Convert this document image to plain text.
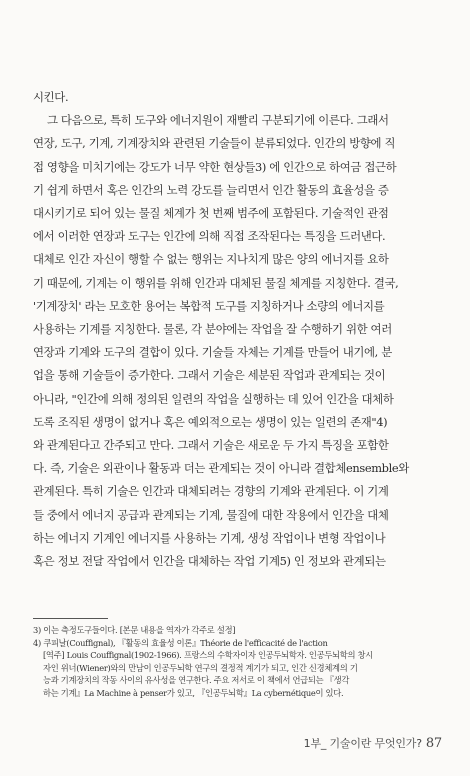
시킨다.

그 다음으로, 특히 도구와 에너지원이 재빨리 구분되기에 이른다. 그래서

연장, 도구, 기계, 기계장치와 관련된 기술들이 분류되었다. 인간의 방향에 직

접 영향을 미치기에는 강도가 너무 약한 현상들3) 에 인간으로 하여금 접근하

기 쉽게 하면서 혹은 인간의 노력 강도를 늘리면서 인간 활동의 효율성을 증

대시키기로 되어 있는 물질 체계가 첫 번째 범주에 포함된다. 기술적인 관점

에서 이러한 연장과 도구는 인간에 의해 직접 조작된다는 특징을 드러낸다.

대체로 인간 자신이 행할 수 없는 행위는 지나치게 많은 양의 에너지를 요하

기 때문에, 기계는 이 행위를 위해 인간과 대체된 물질 체계를 지칭한다. 결국,

'기계장치' 라는 모호한 용어는 복합적 도구를 지칭하거나 소량의 에너지를

사용하는 기계를 지칭한다. 물론, 각 분야에는 작업을 잘 수행하기 위한 여러

연장과 기계와 도구의 결합이 있다. 기술들 자체는 기계를 만들어 내기에, 분

업을 통해 기술들이 증가한다. 그래서 기술은 세분된 작업과 관계되는 것이

아니라, "인간에 의해 정의된 일련의 작업을 실행하는 데 있어 인간을 대체하

도록 조직된 생명이 없거나 혹은 예외적으로는 생명이 있는 일련의 존재"4)

와 관계된다고 간주되고 만다. 그래서 기술은 새로운 두 가지 특징을 포함한

다. 즉, 기술은 외관이나 활동과 더는 관계되는 것이 아니라 결합체ensemble와

관계된다. 특히 기술은 인간과 대체되려는 경향의 기계와 관계된다. 이 기계

들 중에서 에너지 공급과 관계되는 기계, 물질에 대한 작용에서 인간을 대체

하는 에너지 기계인 에너지를 사용하는 기계, 생성 작업이나 변형 작업이나

혹은 정보 전달 작업에서 인간을 대체하는 작업 기계5) 인 정보와 관계되는

3) 이는 측정도구들이다. [본문 내용을 역자가 각주로 설정]

4) 쿠피날(Couffignal), 『활동의 효율성 이론』Théorie de l'efficacité de l'action

[역주] Louis Couffignal(1902-1966). 프랑스의 수학자이자 인공두뇌학자. 인공두뇌학의 창시

자인 위너(Wiener)와의 만남이 인공두뇌학 연구의 결정적 계기가 되고, 인간 신경체계의 기

능과 기계장치의 작동 사이의 유사성을 연구한다. 주요 저서로 이 책에서 언급되는 『생각

하는 기계』La Machine à penser가 있고, 『인공두뇌학』La cybernétique이 있다.

1부_ 기술이란 무엇인가? 87
